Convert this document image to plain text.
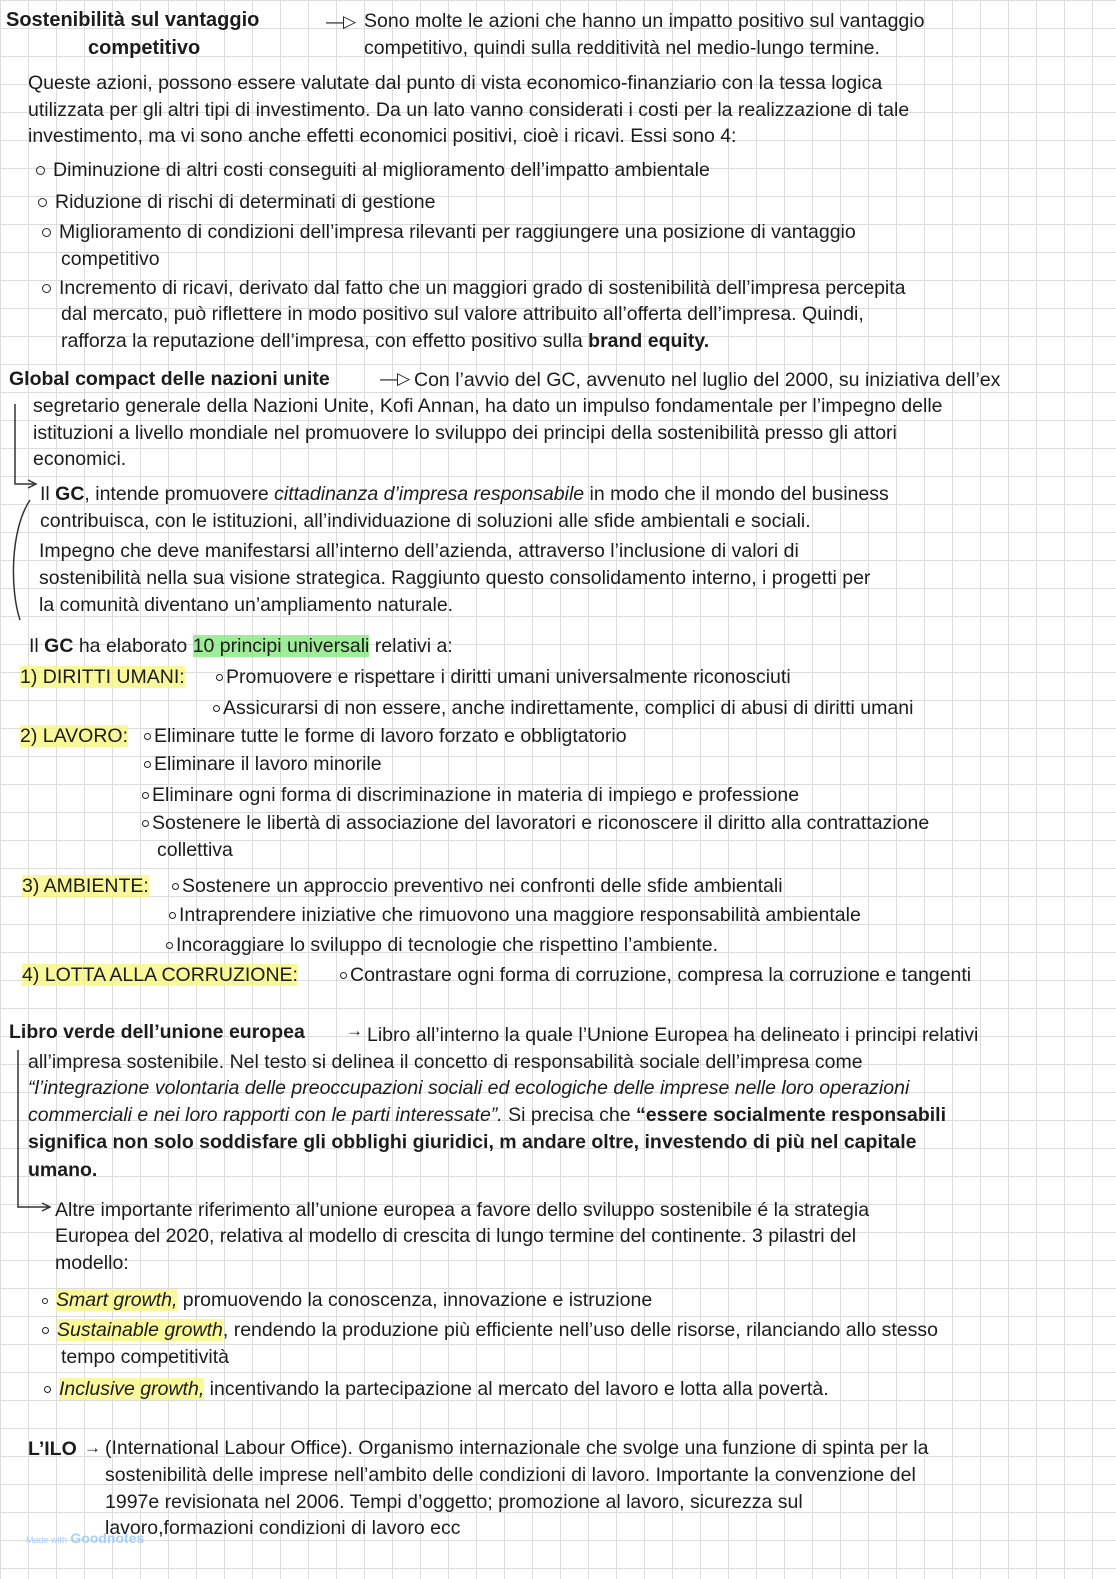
Sostenibilità sul vantaggio
competitivo
—▷ Sono molte le azioni che hanno un impatto positivo sul vantaggio
competitivo, quindi sulla redditività nel medio-lungo termine.
Queste azioni, possono essere valutate dal punto di vista economico-finanziario con la tessa logica
utilizzata per gli altri tipi di investimento. Da un lato vanno considerati i costi per la realizzazione di tale
investimento, ma vi sono anche effetti economici positivi, cioè i ricavi. Essi sono 4:
Diminuzione di altri costi conseguiti al miglioramento dell’impatto ambientale
Riduzione di rischi di determinati di gestione
Miglioramento di condizioni dell’impresa rilevanti per raggiungere una posizione di vantaggio
competitivo
Incremento di ricavi, derivato dal fatto che un maggiori grado di sostenibilità dell’impresa percepita
dal mercato, può riflettere in modo positivo sul valore attribuito all’offerta dell’impresa. Quindi,
rafforza la reputazione dell’impresa, con effetto positivo sulla brand equity.
Global compact delle nazioni unite	—▷ Con l’avvio del GC, avvenuto nel luglio del 2000, su iniziativa dell’ex
segretario generale della Nazioni Unite, Kofi Annan, ha dato un impulso fondamentale per l’impegno delle
istituzioni a livello mondiale nel promuovere lo sviluppo dei principi della sostenibilità presso gli attori
economici.
Il GC, intende promuovere cittadinanza d’impresa responsabile in modo che il mondo del business
contribuisca, con le istituzioni, all’individuazione di soluzioni alle sfide ambientali e sociali.
Impegno che deve manifestarsi all’interno dell’azienda, attraverso l’inclusione di valori di
sostenibilità nella sua visione strategica. Raggiunto questo consolidamento interno, i progetti per
la comunità diventano un’ampliamento naturale.
Il GC ha elaborato 10 principi universali relativi a:
1) DIRITTI UMANI:	Promuovere e rispettare i diritti umani universalmente riconosciuti
Assicurarsi di non essere, anche indirettamente, complici di abusi di diritti umani
2) LAVORO:	Eliminare tutte le forme di lavoro forzato e obbligtatorio
Eliminare il lavoro minorile
Eliminare ogni forma di discriminazione in materia di impiego e professione
Sostenere le libertà di associazione del lavoratori e riconoscere il diritto alla contrattazione
collettiva
3) AMBIENTE:	Sostenere un approccio preventivo nei confronti delle sfide ambientali
Intraprendere iniziative che rimuovono una maggiore responsabilità ambientale
Incoraggiare lo sviluppo di tecnologie che rispettino l’ambiente.
4) LOTTA ALLA CORRUZIONE:	Contrastare ogni forma di corruzione, compresa la corruzione e tangenti
Libro verde dell’unione europea → Libro all’interno la quale l’Unione Europea ha delineato i principi relativi
all’impresa sostenibile. Nel testo si delinea il concetto di responsabilità sociale dell’impresa come
“l’integrazione volontaria delle preoccupazioni sociali ed ecologiche delle imprese nelle loro operazioni
commerciali e nei loro rapporti con le parti interessate”. Si precisa che “essere socialmente responsabili
significa non solo soddisfare gli obblighi giuridici, m andare oltre, investendo di più nel capitale
umano.
Altre importante riferimento all’unione europea a favore dello sviluppo sostenibile é la strategia
Europea del 2020, relativa al modello di crescita di lungo termine del continente. 3 pilastri del
modello:
Smart growth, promuovendo la conoscenza, innovazione e istruzione
Sustainable growth, rendendo la produzione più efficiente nell’uso delle risorse, rilanciando allo stesso
tempo competitività
Inclusive growth, incentivando la partecipazione al mercato del lavoro e lotta alla povertà.
L’ILO → (International Labour Office). Organismo internazionale che svolge una funzione di spinta per la
sostenibilità delle imprese nell’ambito delle condizioni di lavoro. Importante la convenzione del
1997e revisionata nel 2006. Tempi d’oggetto; promozione al lavoro, sicurezza sul
lavoro,formazioni condizioni di lavoro ecc
Made with Goodnotes
